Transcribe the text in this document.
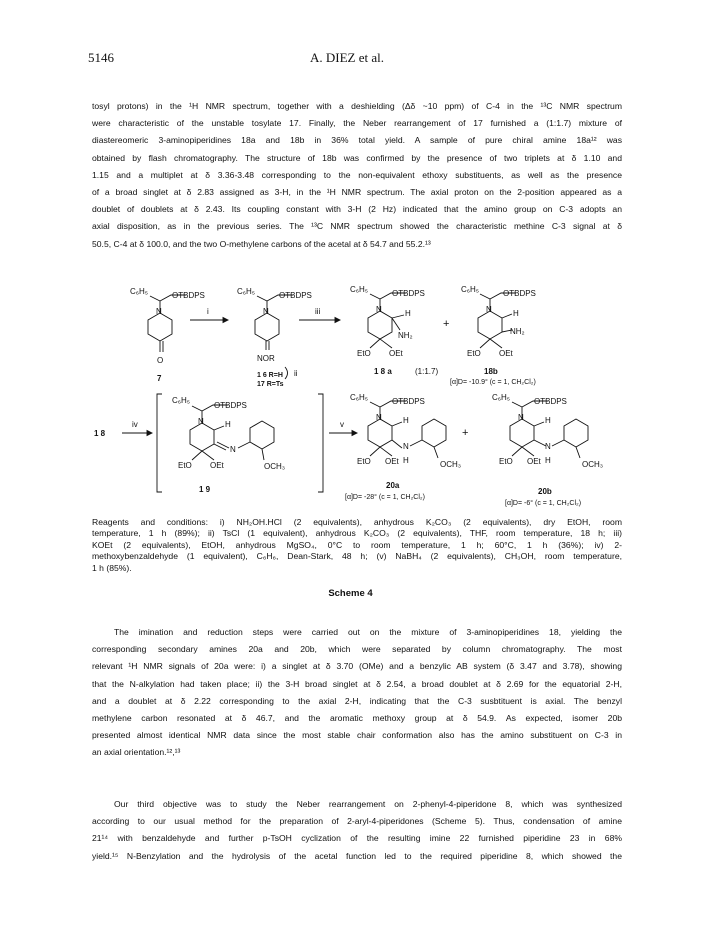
5146	A. DIEZ et al.
tosyl protons) in the ¹H NMR spectrum, together with a deshielding (Δδ ~10 ppm) of C-4 in the ¹³C NMR spectrum
were characteristic of the unstable tosylate 17. Finally, the Neber rearrangement of 17 furnished a (1:1.7) mixture of
diastereomeric 3-aminopiperidines 18a and 18b in 36% total yield. A sample of pure chiral amine 18a¹² was
obtained by flash chromatography. The structure of 18b was confirmed by the presence of two triplets at δ 1.10 and
1.15 and a multiplet at δ 3.36-3.48 corresponding to the non-equivalent ethoxy substituents, as well as the presence
of a broad singlet at δ 2.83 assigned as 3-H, in the ¹H NMR spectrum. The axial proton on the 2-position appeared as a
doublet of doublets at δ 2.43. Its coupling constant with 3-H (2 Hz) indicated that the amino group on C-3 adopts an
axial disposition, as in the previous series. The ¹³C NMR spectrum showed the characteristic methine C-3 signal at δ
50.5, C-4 at δ 100.0, and the two O-methylene carbons of the acetal at δ 54.7 and 55.2.¹³
C₆H₅	OTBDPS
N
O
i
7
C₆H₅	OTBDPS
N
NOR
iii
1 6 R=H
17 R=Ts
ii
C₆H₅	OTBDPS
N	H
NH₂
EtO OEt
+
1 8 a	(1:1.7)
C₆H₅	OTBDPS
N	H
NH₂
EtO OEt
18b
[α]D= -10.9° (c = 1, CH₂Cl₂)
1 8
iv
C₆H₅
OTBDPS
N	H
N
OCH₃
EtO OEt
1 9
v
C₆H₅	OTBDPS
N	H
N
H	OCH₃
EtO OEt
+
20a
[α]D= -28° (c = 1, CH₂Cl₂)
C₆H₅	OTBDPS
N	H
N
H	OCH₃
EtO OEt
20b
[α]D= -6° (c = 1, CH₂Cl₂)
Reagents and conditions: i) NH₂OH.HCl (2 equivalents), anhydrous K₂CO₃ (2 equivalents), dry EtOH, room
temperature, 1 h (89%); ii) TsCl (1 equivalent), anhydrous K₂CO₃ (2 equivalents), THF, room temperature, 18 h; iii)
KOEt (2 equivalents), EtOH, anhydrous MgSO₄, 0°C to room temperature, 1 h; 60°C, 1 h (36%); iv) 2-
methoxybenzaldehyde (1 equivalent), C₆H₆, Dean-Stark, 48 h; (v) NaBH₄ (2 equivalents), CH₃OH, room temperature,
1 h (85%).
Scheme 4
The imination and reduction steps were carried out on the mixture of 3-aminopiperidines 18, yielding the
corresponding secondary amines 20a and 20b, which were separated by column chromatography. The most
relevant ¹H NMR signals of 20a were: i) a singlet at δ 3.70 (OMe) and a benzylic AB system (δ 3.47 and 3.78), showing
that the N-alkylation had taken place; ii) the 3-H broad singlet at δ 2.54, a broad doublet at δ 2.69 for the equatorial 2-H,
and a doublet at δ 2.22 corresponding to the axial 2-H, indicating that the C-3 susbtituent is axial. The benzyl
methylene carbon resonated at δ 46.7, and the aromatic methoxy group at δ 54.9. As expected, isomer 20b
presented almost identical NMR data since the most stable chair conformation also has the amino substituent on C-3 in
an axial orientation.¹²,¹³
Our third objective was to study the Neber rearrangement on 2-phenyl-4-piperidone 8, which was synthesized
according to our usual method for the preparation of 2-aryl-4-piperidones (Scheme 5). Thus, condensation of amine
21¹⁴ with benzaldehyde and further p-TsOH cyclization of the resulting imine 22 furnished piperidine 23 in 68%
yield.¹⁵ N-Benzylation and the hydrolysis of the acetal function led to the required piperidine 8, which showed the
